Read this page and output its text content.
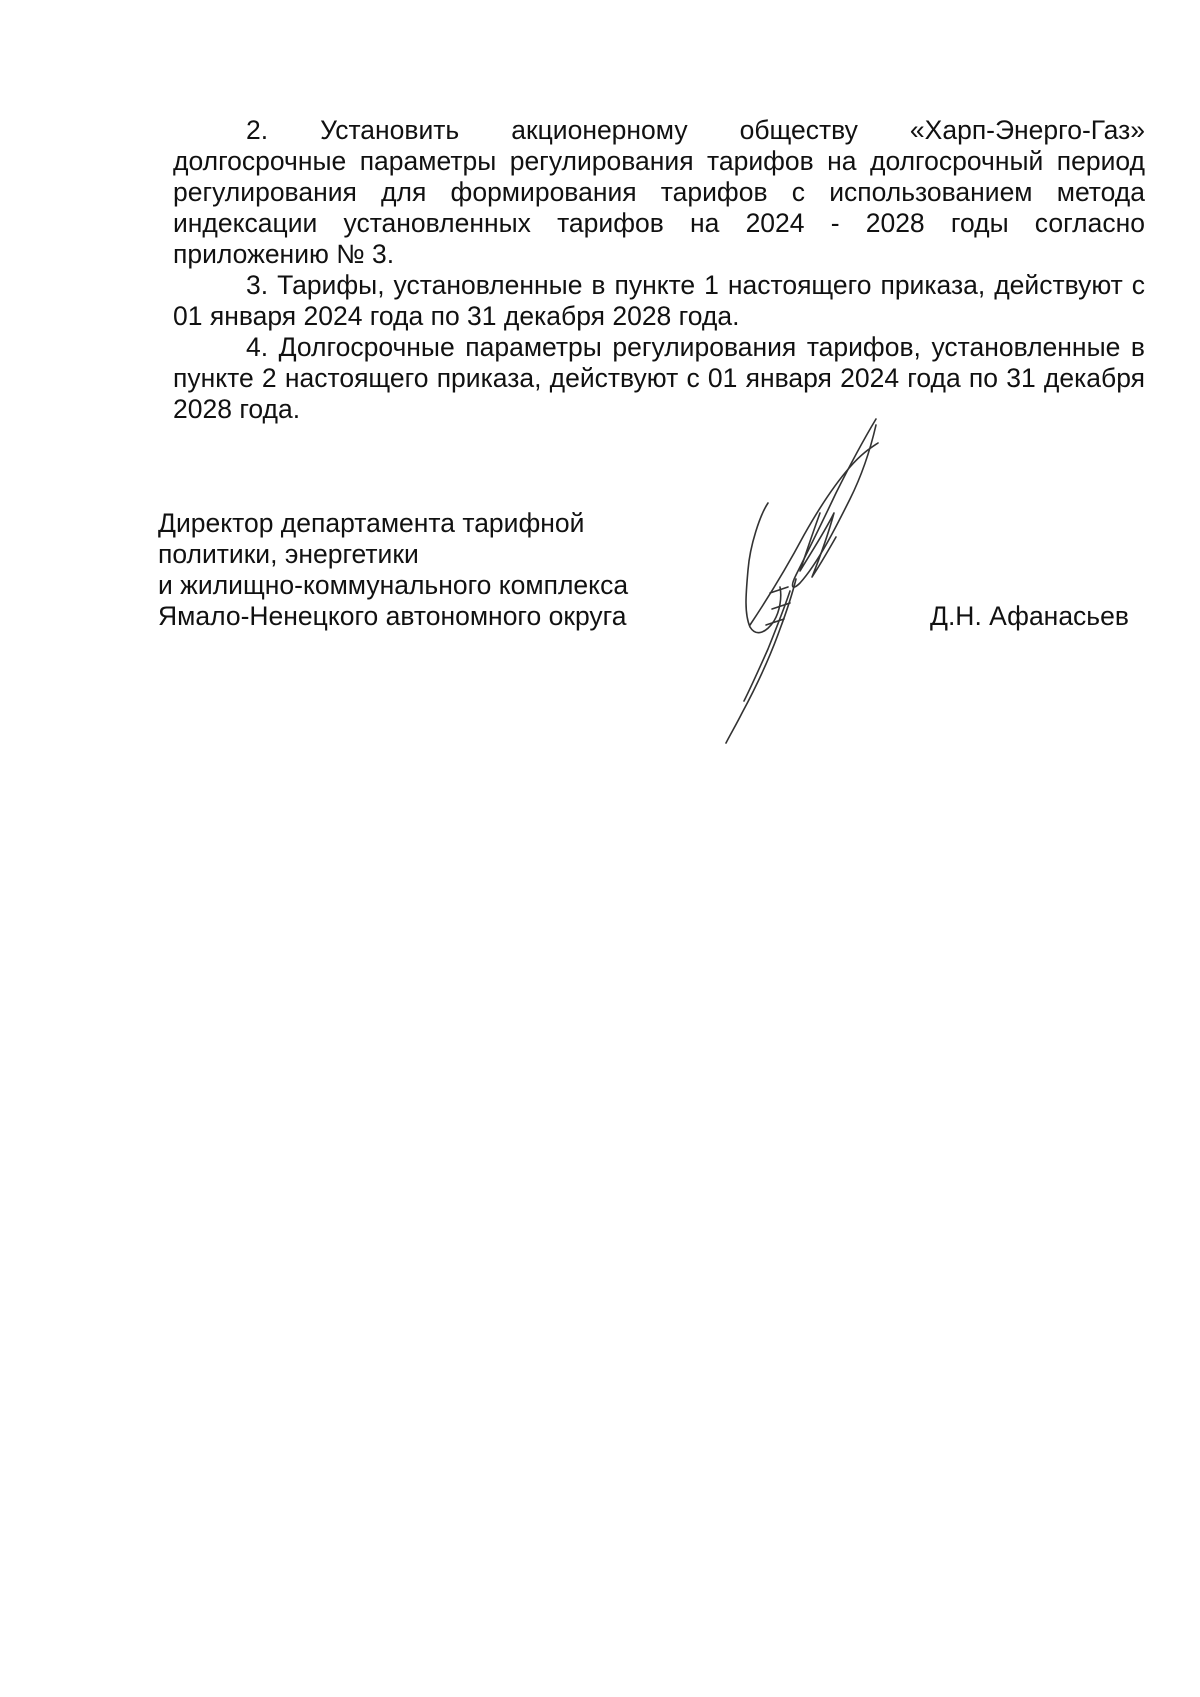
2. Установить акционерному обществу «Харп-Энерго-Газ» долгосрочные параметры регулирования тарифов на долгосрочный период регулирования для формирования тарифов с использованием метода индексации установленных тарифов на 2024 - 2028 годы согласно приложению № 3.

3. Тарифы, установленные в пункте 1 настоящего приказа, действуют с 01 января 2024 года по 31 декабря 2028 года.

4. Долгосрочные параметры регулирования тарифов, установленные в пункте 2 настоящего приказа, действуют с 01 января 2024 года по 31 декабря 2028 года.

Директор департамента тарифной
политики, энергетики
и жилищно-коммунального комплекса
Ямало-Ненецкого автономного округа	Д.Н. Афанасьев
